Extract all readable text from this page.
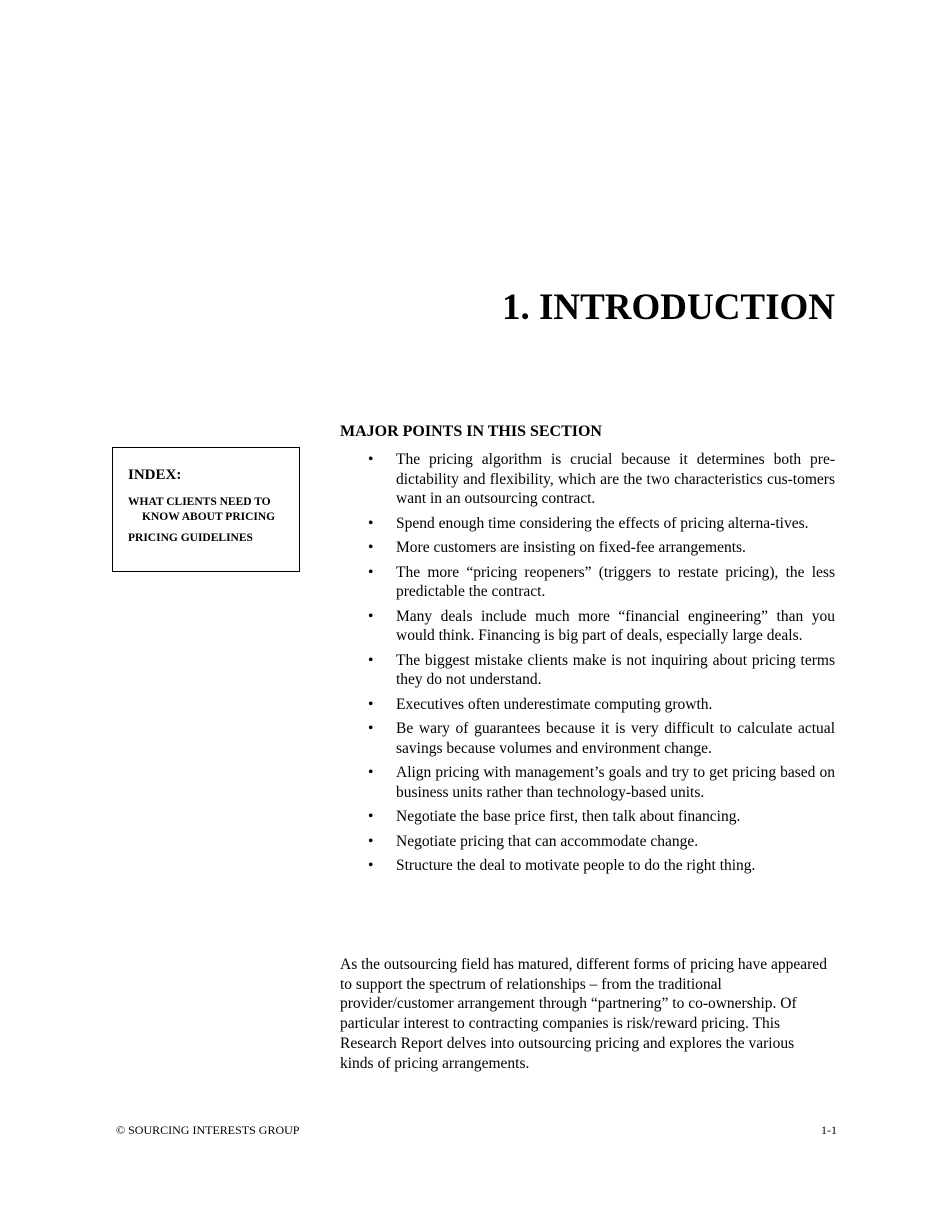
1. INTRODUCTION

INDEX:

WHAT CLIENTS NEED TO KNOW ABOUT PRICING

PRICING GUIDELINES

MAJOR POINTS IN THIS SECTION
• The pricing algorithm is crucial because it determines both pre-dictability and flexibility, which are the two characteristics cus-tomers want in an outsourcing contract.
• Spend enough time considering the effects of pricing alterna-tives.
• More customers are insisting on fixed-fee arrangements.
• The more “pricing reopeners” (triggers to restate pricing), the less predictable the contract.
• Many deals include much more “financial engineering” than you would think. Financing is big part of deals, especially large deals.
• The biggest mistake clients make is not inquiring about pricing terms they do not understand.
• Executives often underestimate computing growth.
• Be wary of guarantees because it is very difficult to calculate actual savings because volumes and environment change.
• Align pricing with management’s goals and try to get pricing based on business units rather than technology-based units.
• Negotiate the base price first, then talk about financing.
• Negotiate pricing that can accommodate change.
• Structure the deal to motivate people to do the right thing.

As the outsourcing field has matured, different forms of pricing have appeared to support the spectrum of relationships – from the traditional provider/customer arrangement through “partnering” to co-ownership. Of particular interest to contracting companies is risk/reward pricing. This Research Report delves into outsourcing pricing and explores the various kinds of pricing arrangements.

© SOURCING INTERESTS GROUP	1-1
